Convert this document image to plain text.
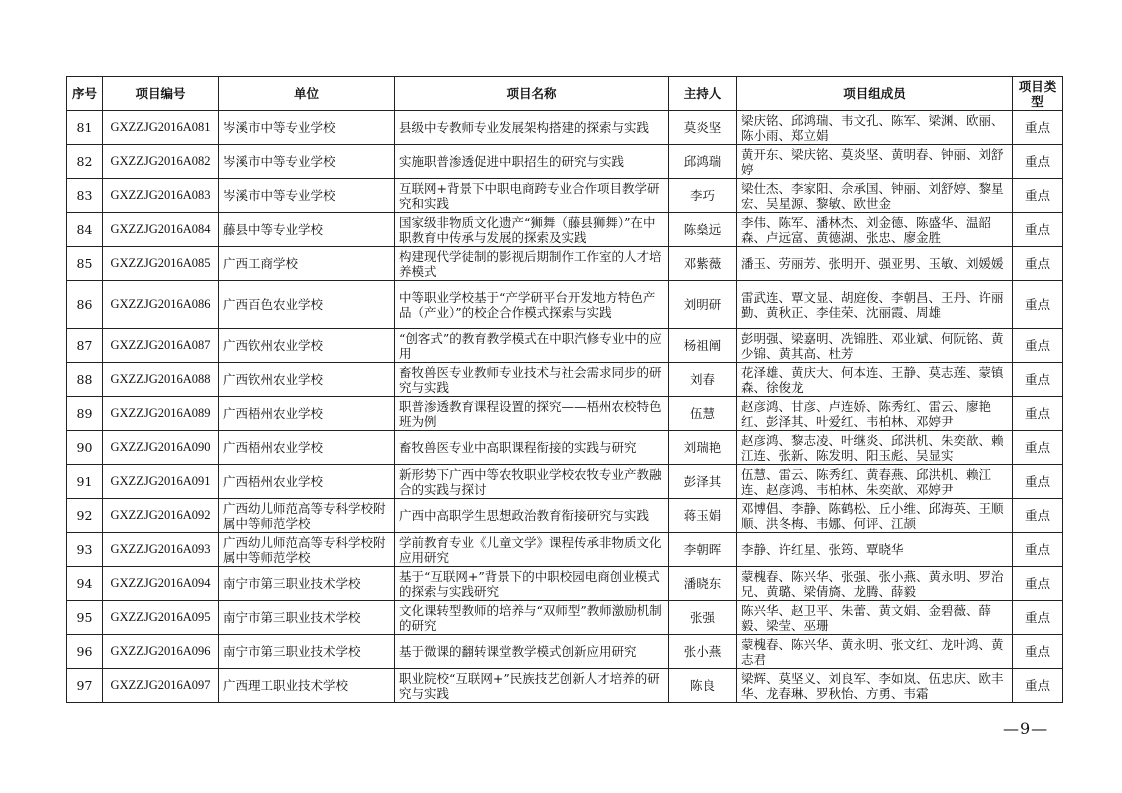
序号	项目编号	单位	项目名称	主持人	项目组成员	项目类型
81	GXZZJG2016A081	岑溪市中等专业学校	县级中专教师专业发展架构搭建的探索与实践	莫炎坚	梁庆铭、邱鸿瑞、韦文孔、陈军、梁渊、欧丽、陈小雨、郑立娟	重点
82	GXZZJG2016A082	岑溪市中等专业学校	实施职普渗透促进中职招生的研究与实践	邱鸿瑞	黄开东、梁庆铭、莫炎坚、黄明春、钟丽、刘舒婷	重点
83	GXZZJG2016A083	岑溪市中等专业学校	互联网+背景下中职电商跨专业合作项目教学研究和实践	李巧	梁仕杰、李家阳、佘承国、钟丽、刘舒婷、黎星宏、吴星源、黎敏、欧世金	重点
84	GXZZJG2016A084	藤县中等专业学校	国家级非物质文化遗产“狮舞（藤县狮舞）”在中职教育中传承与发展的探索及实践	陈燊远	李伟、陈军、潘林杰、刘金德、陈盛华、温韶森、卢远富、黄德湖、张忠、廖金胜	重点
85	GXZZJG2016A085	广西工商学校	构建现代学徒制的影视后期制作工作室的人才培养模式	邓紫薇	潘玉、劳丽芳、张明开、强亚男、玉敏、刘媛媛	重点
86	GXZZJG2016A086	广西百色农业学校	中等职业学校基于“产学研平台开发地方特色产品（产业）”的校企合作模式探索与实践	刘明研	雷武连、覃文显、胡庭俊、李朝昌、王丹、许丽勤、黄秋正、李佳荣、沈丽霞、周雄	重点
87	GXZZJG2016A087	广西钦州农业学校	“创客式”的教育教学模式在中职汽修专业中的应用	杨祖阐	彭明强、梁嘉明、冼锦胜、邓业斌、何阮铭、黄少锦、黄其高、杜芳	重点
88	GXZZJG2016A088	广西钦州农业学校	畜牧兽医专业教师专业技术与社会需求同步的研究与实践	刘春	花泽雄、黄庆大、何本连、王静、莫志莲、蒙镇森、徐俊龙	重点
89	GXZZJG2016A089	广西梧州农业学校	职普渗透教育课程设置的探究——梧州农校特色班为例	伍慧	赵彦鸿、甘彦、卢连娇、陈秀红、雷云、廖艳红、彭泽其、叶爱红、韦柏林、邓婷尹	重点
90	GXZZJG2016A090	广西梧州农业学校	畜牧兽医专业中高职课程衔接的实践与研究	刘瑞艳	赵彦鸿、黎志凌、叶继炎、邱洪机、朱奕歆、赖江连、张新、陈发明、阳玉彪、吴显实	重点
91	GXZZJG2016A091	广西梧州农业学校	新形势下广西中等农牧职业学校农牧专业产教融合的实践与探讨	彭泽其	伍慧、雷云、陈秀红、黄春燕、邱洪机、赖江连、赵彦鸿、韦柏林、朱奕歆、邓婷尹	重点
92	GXZZJG2016A092	广西幼儿师范高等专科学校附属中等师范学校	广西中高职学生思想政治教育衔接研究与实践	蒋玉娟	邓博倡、李静、陈鹤松、丘小维、邱海英、王顺顺、洪冬梅、韦娜、何评、江颉	重点
93	GXZZJG2016A093	广西幼儿师范高等专科学校附属中等师范学校	学前教育专业《儿童文学》课程传承非物质文化应用研究	李朝晖	李静、许红星、张筠、覃晓华	重点
94	GXZZJG2016A094	南宁市第三职业技术学校	基于“互联网+”背景下的中职校园电商创业模式的探索与实践研究	潘晓东	蒙槐春、陈兴华、张强、张小燕、黄永明、罗治兄、黄璐、梁倩旖、龙腾、薛毅	重点
95	GXZZJG2016A095	南宁市第三职业技术学校	文化课转型教师的培养与“双师型”教师激励机制的研究	张强	陈兴华、赵卫平、朱蕾、黄文娟、金碧薇、薛毅、梁莹、巫珊	重点
96	GXZZJG2016A096	南宁市第三职业技术学校	基于微课的翻转课堂教学模式创新应用研究	张小燕	蒙槐春、陈兴华、黄永明、张文红、龙叶鸿、黄志君	重点
97	GXZZJG2016A097	广西理工职业技术学校	职业院校“互联网+”民族技艺创新人才培养的研究与实践	陈良	梁辉、莫坚义、刘良军、李如岚、伍忠庆、欧丰华、龙春琳、罗秋怡、方勇、韦霜	重点
—9—
